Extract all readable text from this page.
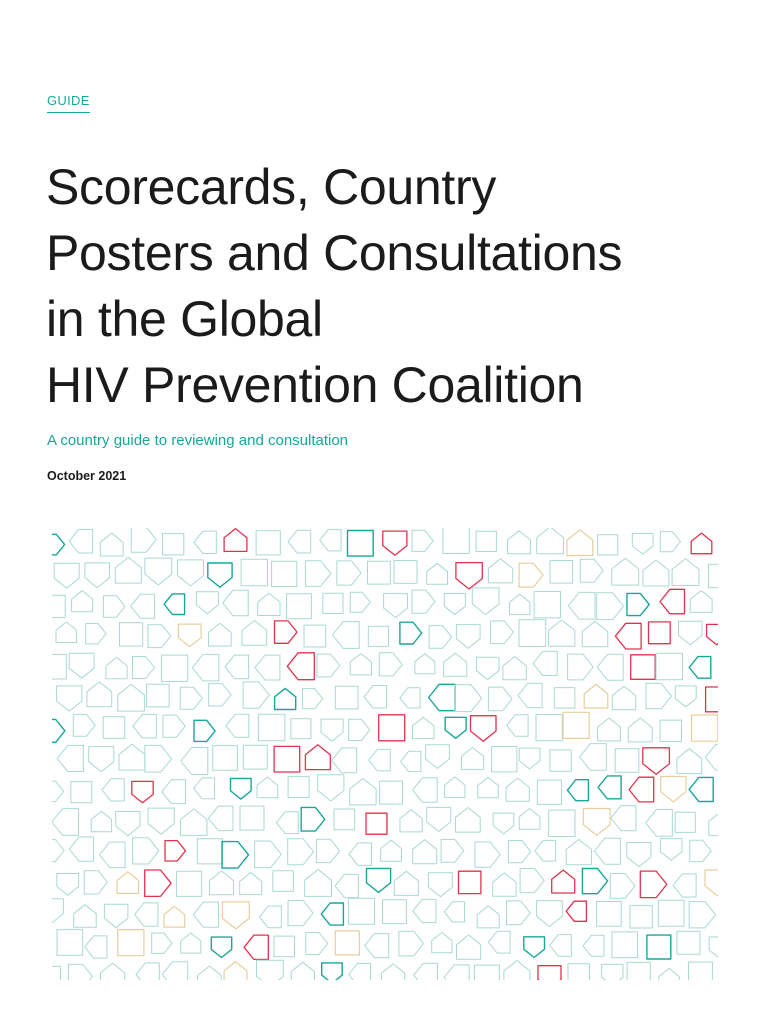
GUIDE
Scorecards, Country
Posters and Consultations
in the Global
HIV Prevention Coalition
A country guide to reviewing and consultation
October 2021
